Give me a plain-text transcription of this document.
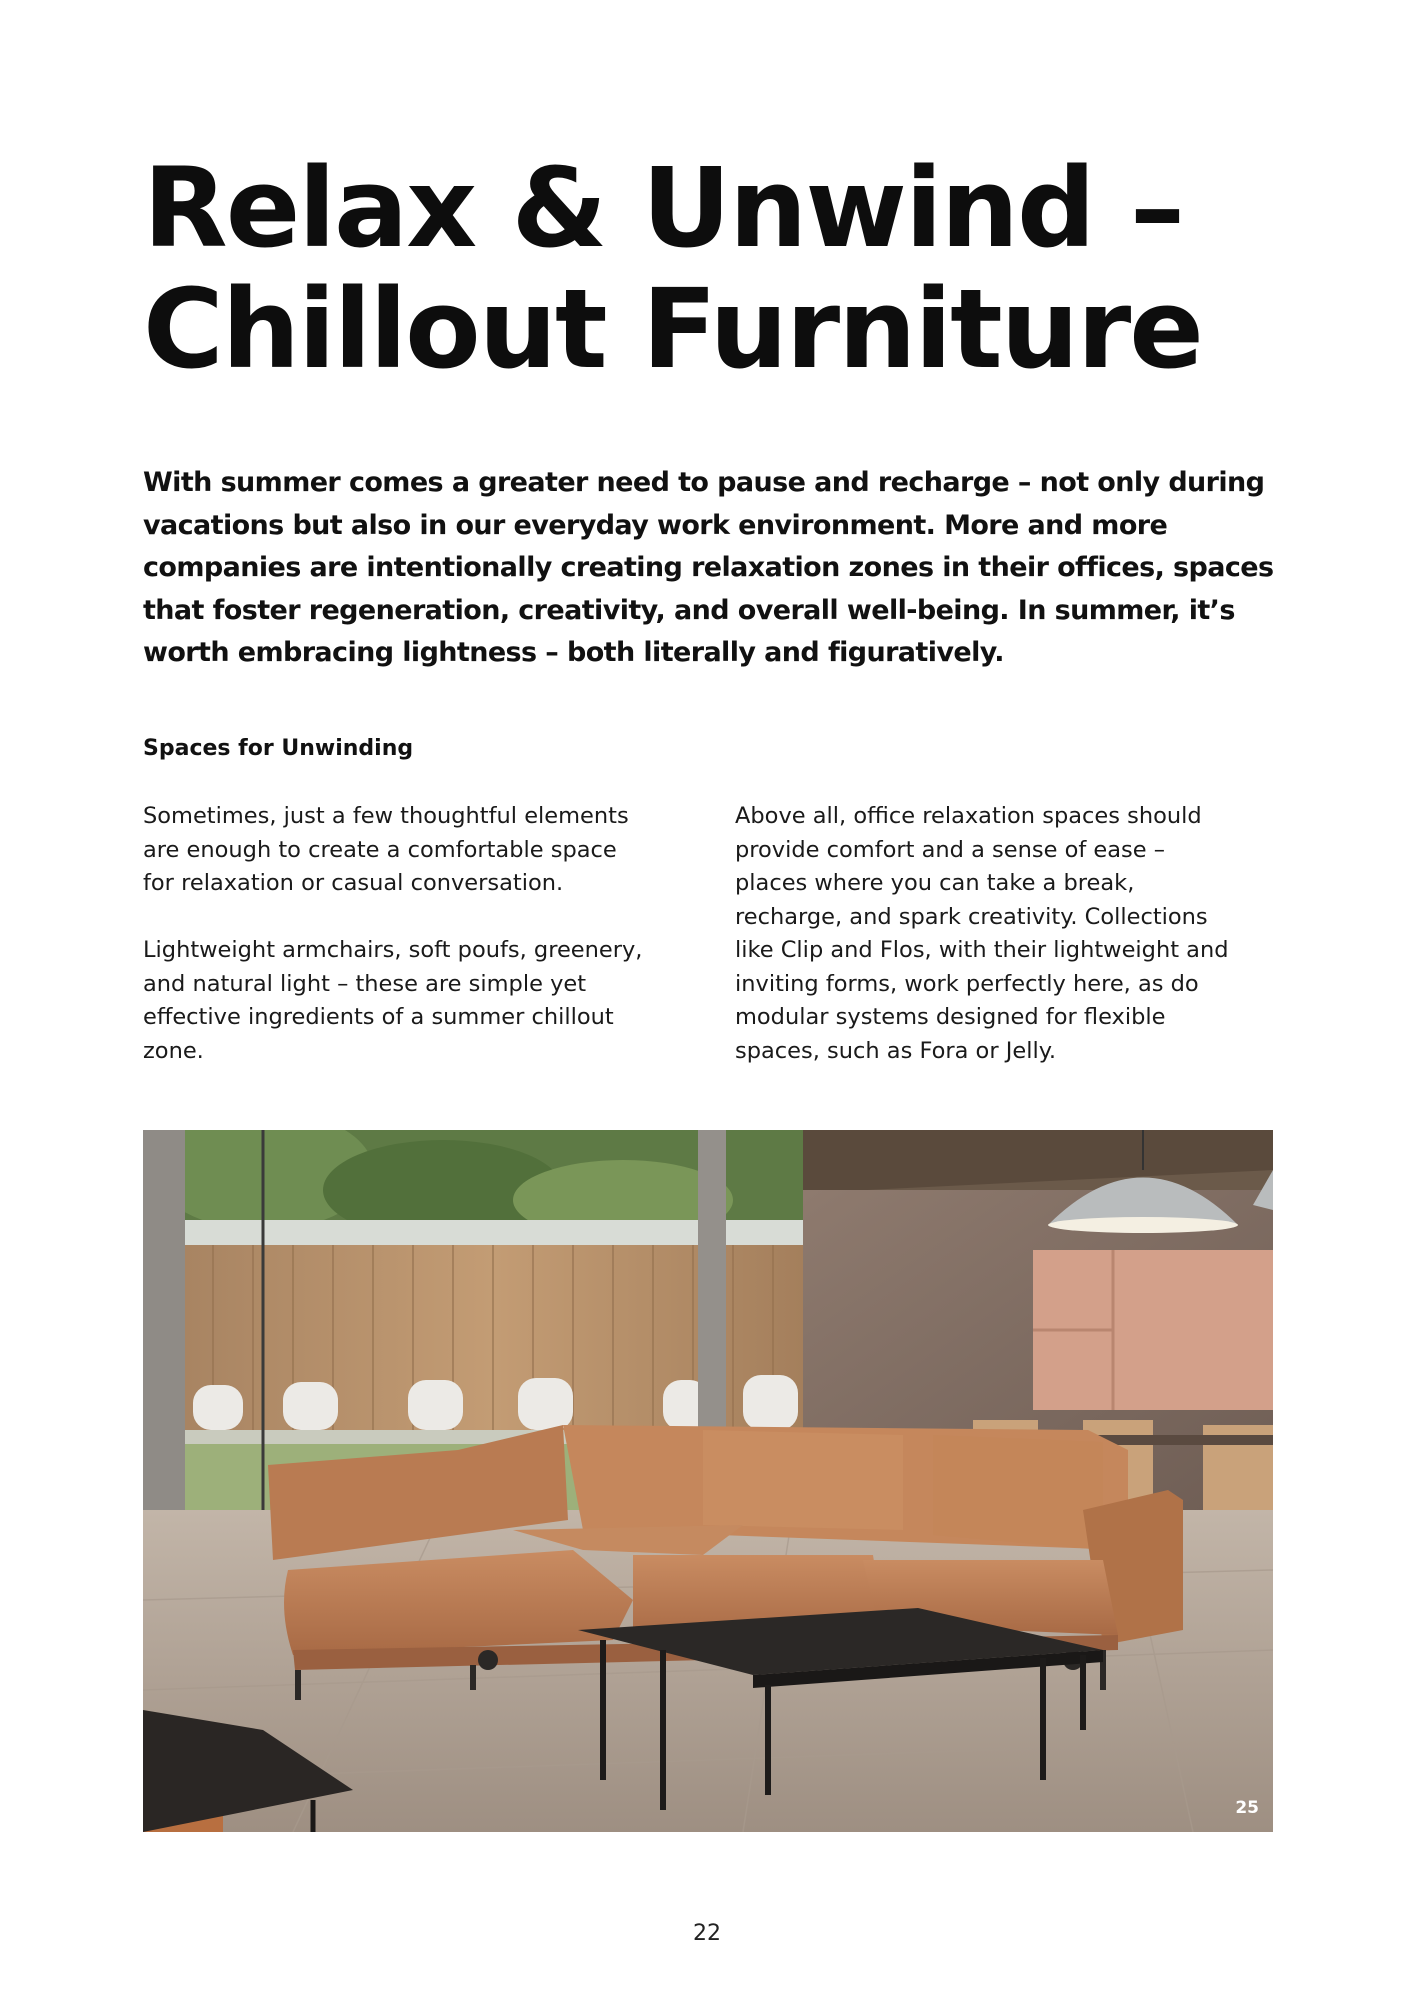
Relax & Unwind –
Chillout Furniture

With summer comes a greater need to pause and recharge – not only during vacations but also in our everyday work environment. More and more companies are intentionally creating relaxation zones in their offices, spaces that foster regeneration, creativity, and overall well-being. In summer, it’s worth embracing lightness – both literally and figuratively.

Spaces for Unwinding

Sometimes, just a few thoughtful elements
are enough to create a comfortable space
for relaxation or casual conversation.

Lightweight armchairs, soft poufs, greenery,
and natural light – these are simple yet
effective ingredients of a summer chillout
zone.

Above all, office relaxation spaces should
provide comfort and a sense of ease –
places where you can take a break,
recharge, and spark creativity. Collections
like Clip and Flos, with their lightweight and
inviting forms, work perfectly here, as do
modular systems designed for flexible
spaces, such as Fora or Jelly.

25
22
